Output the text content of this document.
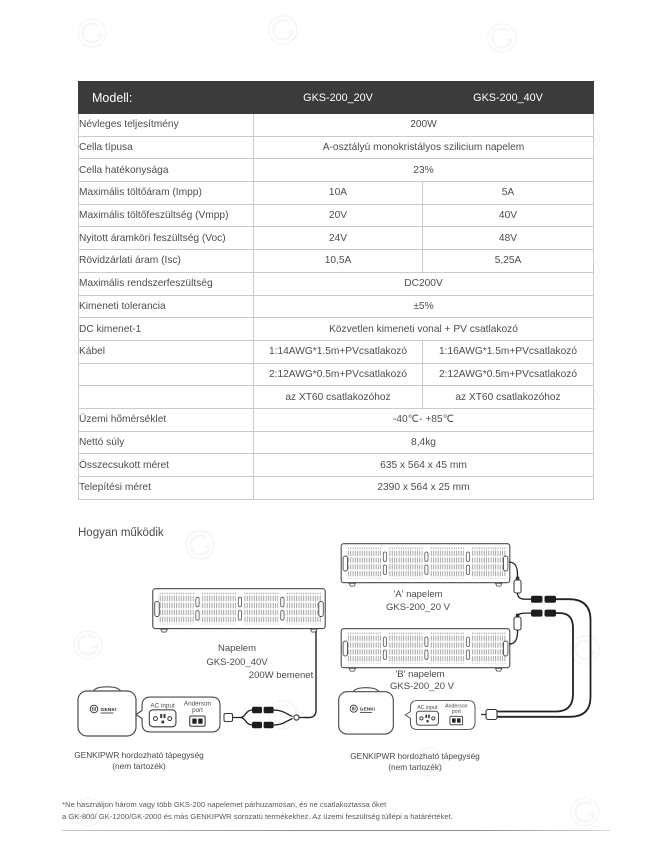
Modell:	GKS-200_20V	GKS-200_40V
Névleges teljesítmény	200W	
Cella típusa	A-osztályú monokristályos szilicium napelem	
Cella hatékonysága	23%	
Maximális töltőáram (Impp)	10A	5A
Maximális töltőfeszültség (Vmpp)	20V	40V
Nyitott áramköri feszültség (Voc)	24V	48V
Rövidzárlati áram (Isc)	10,5A	5,25A
Maximális rendszerfeszültség	DC200V	
Kimeneti tolerancia	±5%	
DC kimenet-1	Közvetlen kimeneti vonal + PV csatlakozó	
Kábel	1:14AWG*1.5m+PVcsatlakozó	1:16AWG*1.5m+PVcsatlakozó
	2:12AWG*0.5m+PVcsatlakozó	2:12AWG*0.5m+PVcsatlakozó
	az XT60 csatlakozóhoz	az XT60 csatlakozóhoz
Üzemi hőmérséklet	-40℃- +85℃	
Nettó súly	8,4kg	
Összecsukott méret	635 x 564 x 45 mm	
Telepítési méret	2390 x 564 x 25 mm	
Hogyan működik
GENKI
AC input	Anderson
port
Napelem
GKS-200_40V
200W bemenet
GENKIPWR hordozható tápegység
(nem tartozék)
'A' napelem
GKS-200_20 V
'B' napelem
GKS-200_20 V
GENKIPWR hordozható tápegység
(nem tartozék)
*Ne használjon három vagy több GKS-200 napelemet párhuzamosan, és ne csatlakoztassa őket
a GK-800/ GK-1200/GK-2000 és más GENKIPWR sorozatú termékekhez. Az üzemi feszültség túllépi a határértéket.
